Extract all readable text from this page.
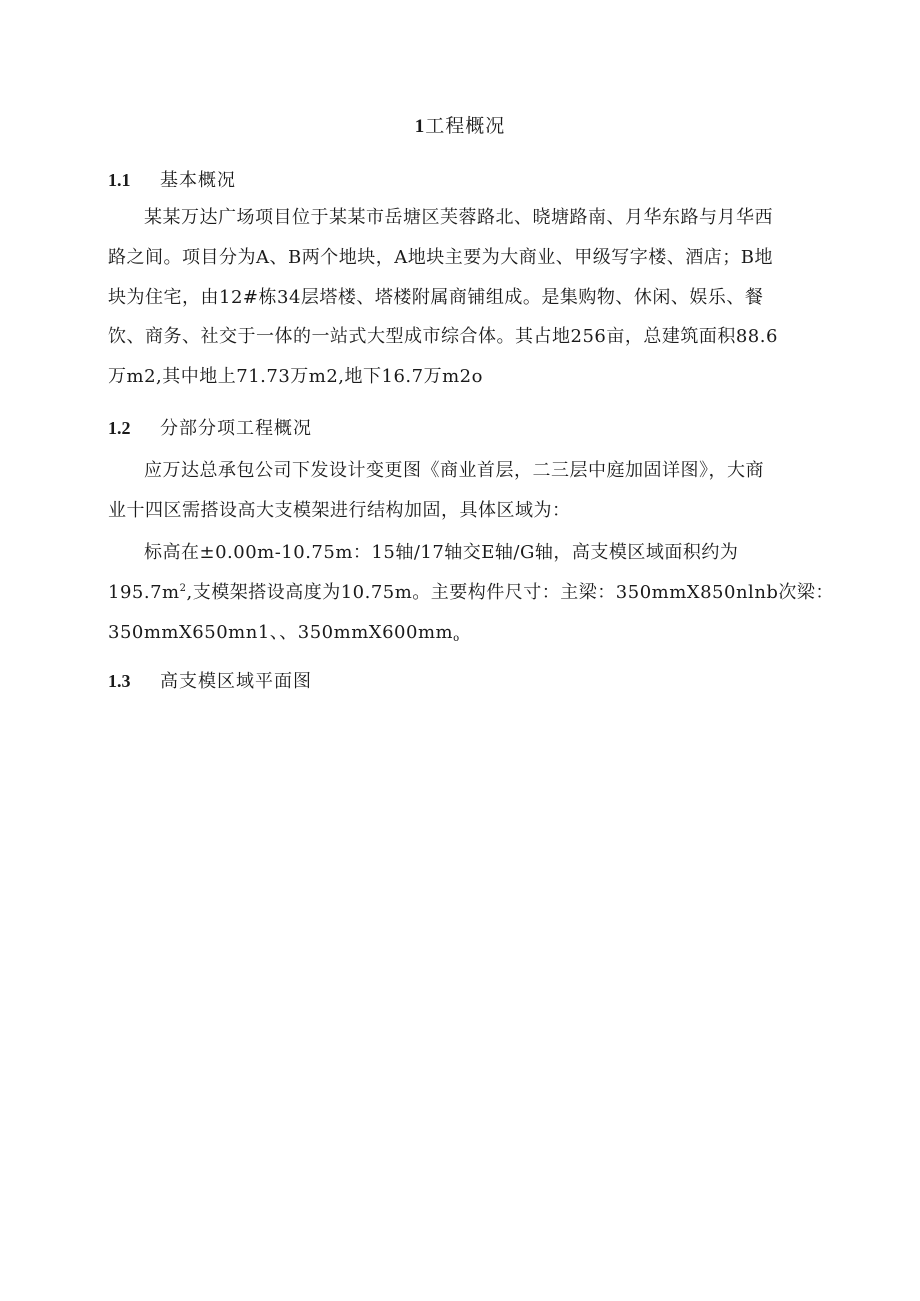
1工程概况
1.1 基本概况
某某万达广场项目位于某某市岳塘区芙蓉路北、晓塘路南、月华东路与月华西
路之间。项目分为A、B两个地块，A地块主要为大商业、甲级写字楼、酒店；B地
块为住宅，由12#栋34层塔楼、塔楼附属商铺组成。是集购物、休闲、娱乐、餐
饮、商务、社交于一体的一站式大型成市综合体。其占地256亩，总建筑面积88.6
万m2,其中地上71.73万m2,地下16.7万m2o
1.2 分部分项工程概况
应万达总承包公司下发设计变更图《商业首层，二三层中庭加固详图》，大商
业十四区需搭设高大支模架进行结构加固，具体区域为：
标高在±0.00m-10.75m：15轴/17轴交E轴/G轴，高支模区域面积约为
$195.7m^2$,支模架搭设高度为10.75m。主要构件尺寸：主梁：350mmX850nlnb次梁：
350mmX650mn1、、$350mmX600mm_o$
1.3 高支模区域平面图
